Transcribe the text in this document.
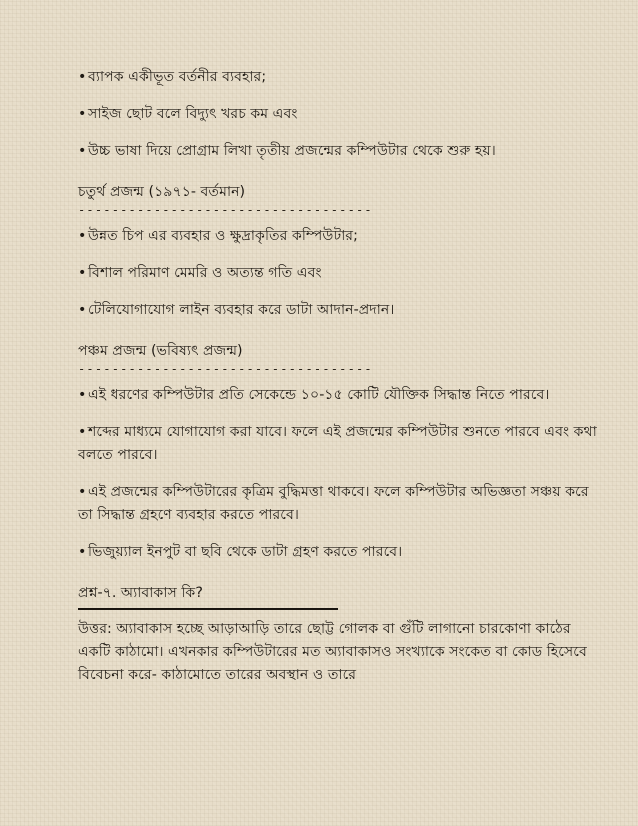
• ব্যাপক একীভূত বর্তনীর ব্যবহার;
• সাইজ ছোট বলে বিদ্যুৎ খরচ কম এবং
• উচ্চ ভাষা দিয়ে প্রোগ্রাম লিখা তৃতীয় প্রজন্মের কম্পিউটার থেকে শুরু হয়।
চতুর্থ প্রজন্ম (১৯৭১- বর্তমান)
-----------------------------------
• উন্নত চিপ এর ব্যবহার ও ক্ষুদ্রাকৃতির কম্পিউটার;
• বিশাল পরিমাণ মেমরি ও অত্যন্ত গতি এবং
• টেলিযোগাযোগ লাইন ব্যবহার করে ডাটা আদান-প্রদান।
পঞ্চম প্রজন্ম (ভবিষ্যৎ প্রজন্ম)
-----------------------------------
• এই ধরণের কম্পিউটার প্রতি সেকেন্ডে ১০-১৫ কোটি যৌক্তিক সিদ্ধান্ত নিতে পারবে।
• শব্দের মাধ্যমে যোগাযোগ করা যাবে। ফলে এই প্রজন্মের কম্পিউটার শুনতে পারবে এবং কথা বলতে পারবে।
• এই প্রজন্মের কম্পিউটারের কৃত্রিম বুদ্ধিমত্তা থাকবে। ফলে কম্পিউটার অভিজ্ঞতা সঞ্চয় করে তা সিদ্ধান্ত গ্রহণে ব্যবহার করতে পারবে।
• ভিজুয়্যাল ইনপুট বা ছবি থেকে ডাটা গ্রহণ করতে পারবে।
প্রশ্ন-৭. অ্যাবাকাস কি?
উত্তর: অ্যাবাকাস হচ্ছে আড়াআড়ি তারে ছোট্ট গোলক বা গুঁটি লাগানো চারকোণা কাঠের একটি কাঠামো। এখনকার কম্পিউটারের মত অ্যাবাকাসও সংখ্যাকে সংকেত বা কোড হিসেবে বিবেচনা করে- কাঠামোতে তারের অবস্থান ও তারে
